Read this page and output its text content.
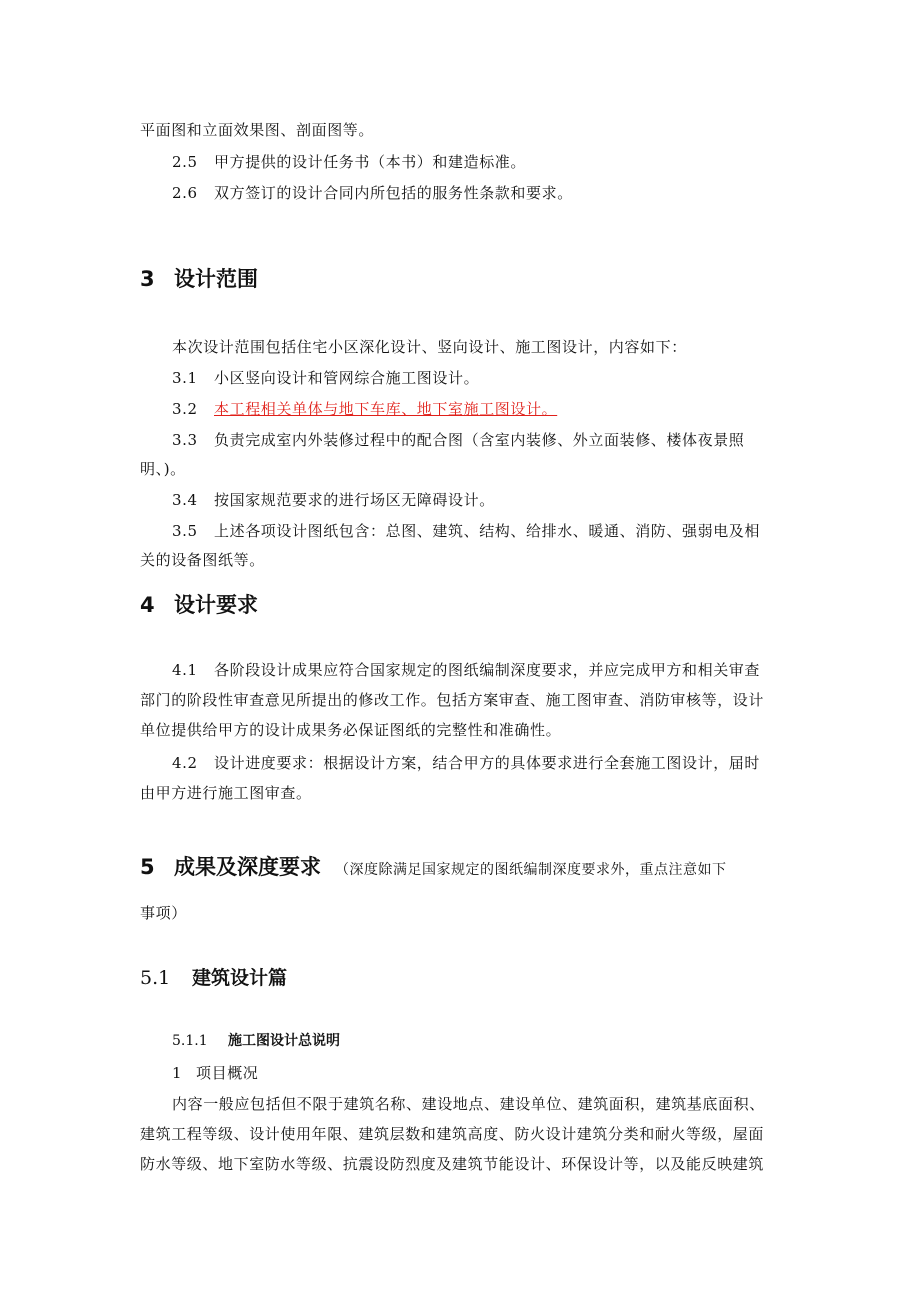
平面图和立面效果图、剖面图等。
2.5 甲方提供的设计任务书（本书）和建造标准。
2.6 双方签订的设计合同内所包括的服务性条款和要求。
3 设计范围
本次设计范围包括住宅小区深化设计、竖向设计、施工图设计，内容如下：
3.1 小区竖向设计和管网综合施工图设计。
3.2 本工程相关单体与地下车库、地下室施工图设计。
3.3 负责完成室内外装修过程中的配合图（含室内装修、外立面装修、楼体夜景照
明、)。
3.4 按国家规范要求的进行场区无障碍设计。
3.5 上述各项设计图纸包含：总图、建筑、结构、给排水、暖通、消防、强弱电及相
关的设备图纸等。
4 设计要求
4.1 各阶段设计成果应符合国家规定的图纸编制深度要求，并应完成甲方和相关审查
部门的阶段性审查意见所提出的修改工作。包括方案审查、施工图审查、消防审核等，设计
单位提供给甲方的设计成果务必保证图纸的完整性和准确性。
4.2 设计进度要求：根据设计方案，结合甲方的具体要求进行全套施工图设计，届时
由甲方进行施工图审查。
5 成果及深度要求 （深度除满足国家规定的图纸编制深度要求外，重点注意如下
事项）
5.1 建筑设计篇
5.1.1 施工图设计总说明
1 项目概况
内容一般应包括但不限于建筑名称、建设地点、建设单位、建筑面积，建筑基底面积、
建筑工程等级、设计使用年限、建筑层数和建筑高度、防火设计建筑分类和耐火等级，屋面
防水等级、地下室防水等级、抗震设防烈度及建筑节能设计、环保设计等，以及能反映建筑
